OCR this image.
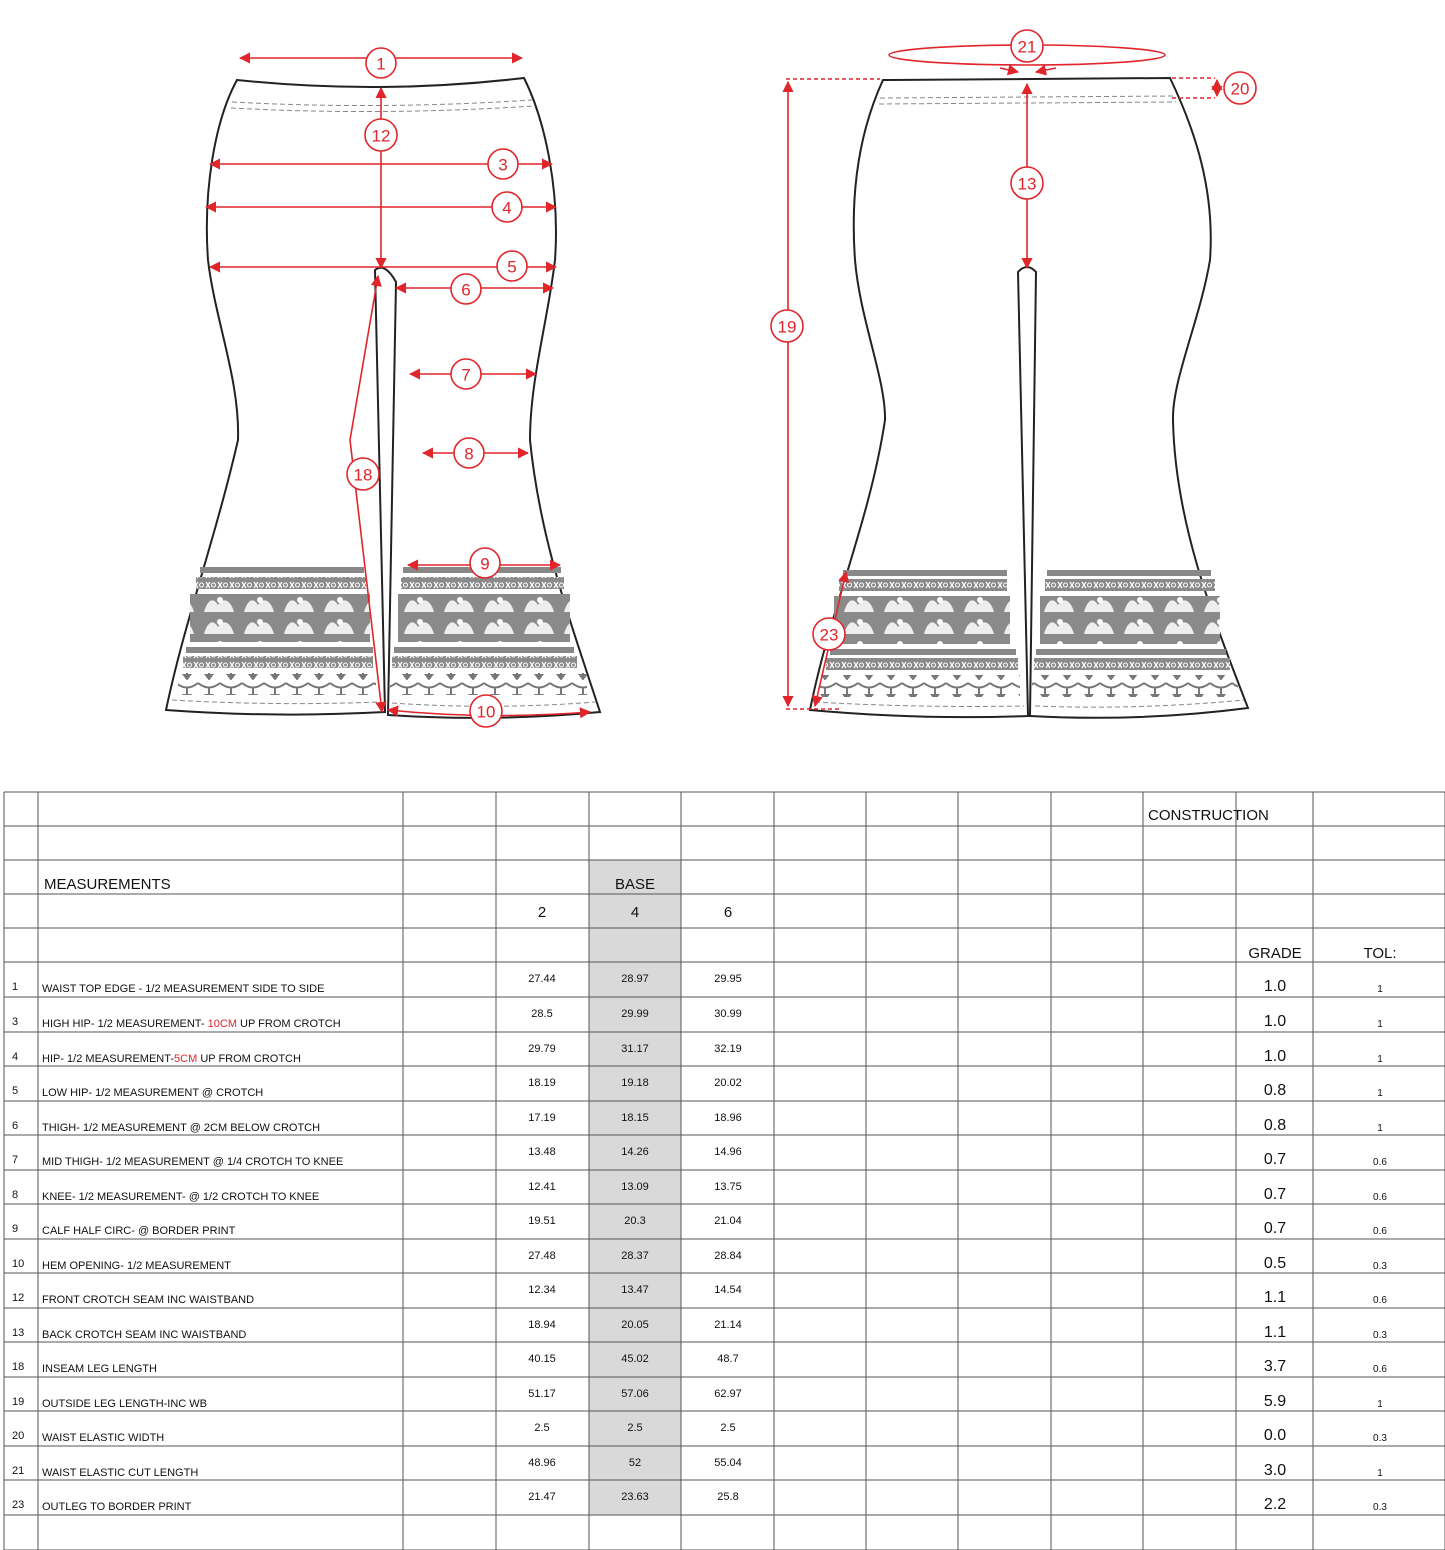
1
12
3
4
5
6
7
8
18
9
10
21
20
13
19
23
CONSTRUCTION
MEASUREMENTS	BASE
2	4	6
GRADE	TOL:
1 WAIST TOP EDGE - 1/2 MEASUREMENT SIDE TO SIDE
27.44	28.97	29.95	1.0	1
3 HIGH HIP- 1/2 MEASUREMENT- 10CM UP FROM CROTCH
28.5	29.99	30.99	1.0	1
4 HIP- 1/2 MEASUREMENT-5CM UP FROM CROTCH
29.79	31.17	32.19	1.0	1
5 LOW HIP- 1/2 MEASUREMENT @ CROTCH
18.19	19.18	20.02	0.8	1
6 THIGH- 1/2 MEASUREMENT @ 2CM BELOW CROTCH
17.19	18.15	18.96	0.8	1
7 MID THIGH- 1/2 MEASUREMENT @ 1/4 CROTCH TO KNEE
13.48	14.26	14.96	0.7	0.6
8 KNEE- 1/2 MEASUREMENT- @ 1/2 CROTCH TO KNEE
12.41	13.09	13.75	0.7	0.6
9 CALF HALF CIRC- @ BORDER PRINT
19.51	20.3	21.04	0.7	0.6
10 HEM OPENING- 1/2 MEASUREMENT
27.48	28.37	28.84	0.5	0.3
12 FRONT CROTCH SEAM INC WAISTBAND
12.34	13.47	14.54	1.1	0.6
13 BACK CROTCH SEAM INC WAISTBAND
18.94	20.05	21.14	1.1	0.3
18 INSEAM LEG LENGTH
40.15	45.02	48.7	3.7	0.6
19 OUTSIDE LEG LENGTH-INC WB
51.17	57.06	62.97	5.9	1
20 WAIST ELASTIC WIDTH
2.5	2.5	2.5	0.0	0.3
21 WAIST ELASTIC CUT LENGTH
48.96	52	55.04	3.0	1
23 OUTLEG TO BORDER PRINT
21.47	23.63	25.8	2.2	0.3
